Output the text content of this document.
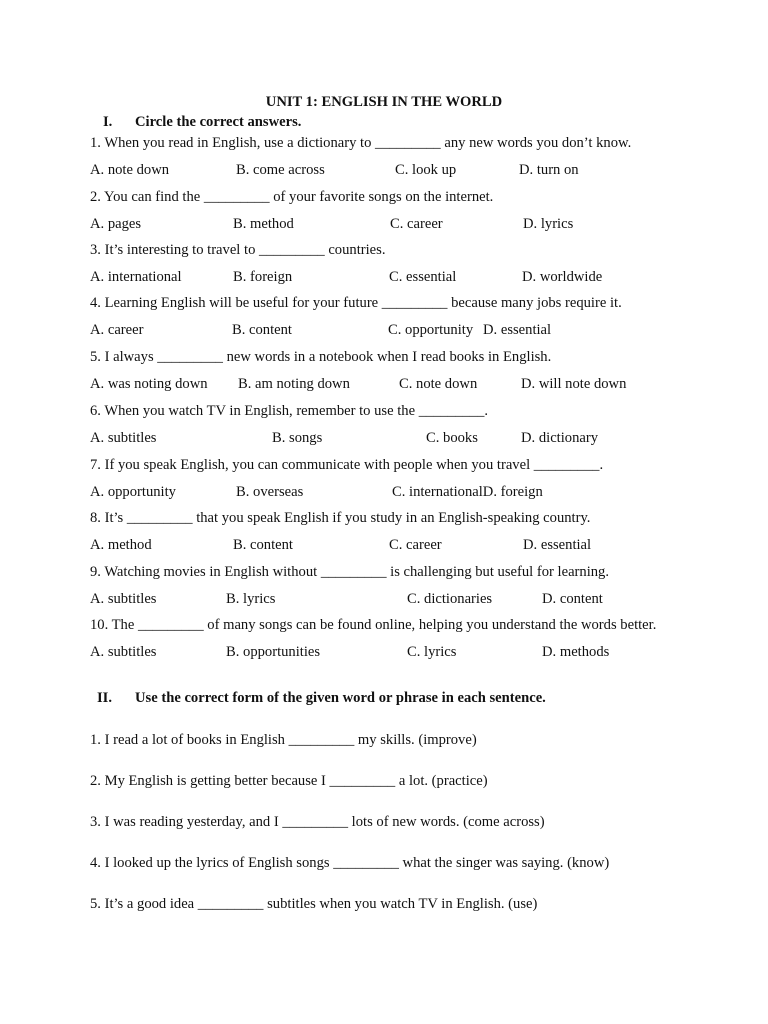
UNIT 1: ENGLISH IN THE WORLD
I. Circle the correct answers.
1. When you read in English, use a dictionary to _________ any new words you don’t know.
A. note down	B. come across	C. look up	D. turn on
2. You can find the _________ of your favorite songs on the internet.
A. pages	B. method	C. career	D. lyrics
3. It’s interesting to travel to _________ countries.
A. international	B. foreign	C. essential	D. worldwide
4. Learning English will be useful for your future _________ because many jobs require it.
A. career	B. content	C. opportunity D. essential
5. I always _________ new words in a notebook when I read books in English.
A. was noting down B. am noting down	C. note down	D. will note down
6. When you watch TV in English, remember to use the _________.
A. subtitles	B. songs	C. books	D. dictionary
7. If you speak English, you can communicate with people when you travel _________.
A. opportunity	B. overseas	C. internationalD. foreign
8. It’s _________ that you speak English if you study in an English-speaking country.
A. method	B. content	C. career	D. essential
9. Watching movies in English without _________ is challenging but useful for learning.
A. subtitles	B. lyrics	C. dictionaries	D. content
10. The _________ of many songs can be found online, helping you understand the words better.
A. subtitles	B. opportunities	C. lyrics	D. methods
II. Use the correct form of the given word or phrase in each sentence.
1. I read a lot of books in English _________ my skills. (improve)
2. My English is getting better because I _________ a lot. (practice)
3. I was reading yesterday, and I _________ lots of new words. (come across)
4. I looked up the lyrics of English songs _________ what the singer was saying. (know)
5. It’s a good idea _________ subtitles when you watch TV in English. (use)
